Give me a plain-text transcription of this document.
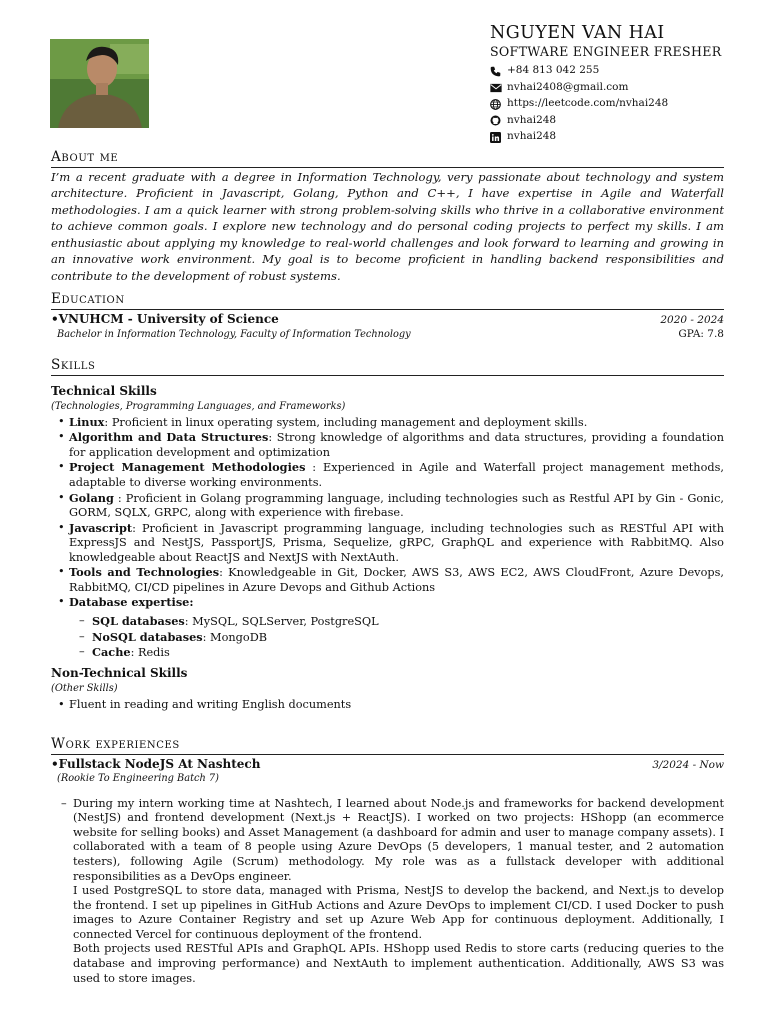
NGUYEN VAN HAI
SOFTWARE ENGINEER FRESHER
+84 813 042 255
nvhai2408@gmail.com
https://leetcode.com/nvhai248
nvhai248
nvhai248
About me
I’m a recent graduate with a degree in Information Technology, very passionate about technology and system architecture. Proficient in Javascript, Golang, Python and C++, I have expertise in Agile and Waterfall methodologies. I am a quick learner with strong problem-solving skills who thrive in a collaborative environment to achieve common goals. I explore new technology and do personal coding projects to perfect my skills. I am enthusiastic about applying my knowledge to real-world challenges and look forward to learning and growing in an innovative work environment. My goal is to become proficient in handling backend responsibilities and contribute to the development of robust systems.
Education
•VNUHCM - University of Science	2020 - 2024
Bachelor in Information Technology, Faculty of Information Technology	GPA: 7.8
Skills
Technical Skills
(Technologies, Programming Languages, and Frameworks)
• Linux: Proficient in linux operating system, including management and deployment skills.
• Algorithm and Data Structures: Strong knowledge of algorithms and data structures, providing a foundation for application development and optimization
• Project Management Methodologies : Experienced in Agile and Waterfall project management methods, adaptable to diverse working environments.
• Golang : Proficient in Golang programming language, including technologies such as Restful API by Gin - Gonic, GORM, SQLX, GRPC, along with experience with firebase.
• Javascript: Proficient in Javascript programming language, including technologies such as RESTful API with ExpressJS and NestJS, PassportJS, Prisma, Sequelize, gRPC, GraphQL and experience with RabbitMQ. Also knowledgeable about ReactJS and NextJS with NextAuth.
• Tools and Technologies: Knowledgeable in Git, Docker, AWS S3, AWS EC2, AWS CloudFront, Azure Devops, RabbitMQ, CI/CD pipelines in Azure Devops and Github Actions
• Database expertise:
– SQL databases: MySQL, SQLServer, PostgreSQL
– NoSQL databases: MongoDB
– Cache: Redis
Non-Technical Skills
(Other Skills)
• Fluent in reading and writing English documents
Work experiences
•Fullstack NodeJS At Nashtech	3/2024 - Now
(Rookie To Engineering Batch 7)
– During my intern working time at Nashtech, I learned about Node.js and frameworks for backend development (NestJS) and frontend development (Next.js + ReactJS). I worked on two projects: HShopp (an ecommerce website for selling books) and Asset Management (a dashboard for admin and user to manage company assets). I collaborated with a team of 8 people using Azure DevOps (5 developers, 1 manual tester, and 2 automation testers), following Agile (Scrum) methodology. My role was as a fullstack developer with additional responsibilities as a DevOps engineer.

I used PostgreSQL to store data, managed with Prisma, NestJS to develop the backend, and Next.js to develop the frontend. I set up pipelines in GitHub Actions and Azure DevOps to implement CI/CD. I used Docker to push images to Azure Container Registry and set up Azure Web App for continuous deployment. Additionally, I connected Vercel for continuous deployment of the frontend.

Both projects used RESTful APIs and GraphQL APIs. HShopp used Redis to store carts (reducing queries to the database and improving performance) and NextAuth to implement authentication. Additionally, AWS S3 was used to store images.
